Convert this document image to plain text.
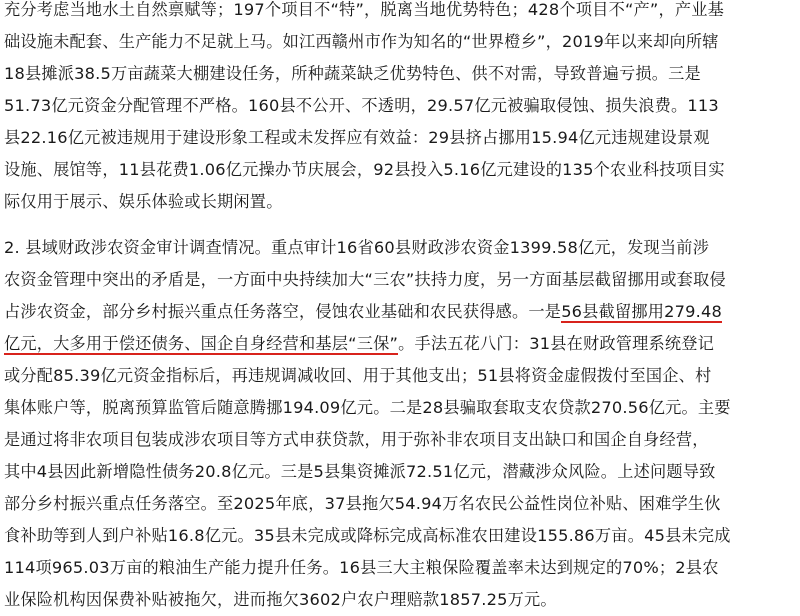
充分考虑当地水土自然禀赋等；197个项目不“特”，脱离当地优势特色；428个项目不“产”，产业基
础设施未配套、生产能力不足就上马。如江西赣州市作为知名的“世界橙乡”，2019年以来却向所辖
18县摊派38.5万亩蔬菜大棚建设任务，所种蔬菜缺乏优势特色、供不对需，导致普遍亏损。三是
51.73亿元资金分配管理不严格。160县不公开、不透明，29.57亿元被骗取侵蚀、损失浪费。113
县22.16亿元被违规用于建设形象工程或未发挥应有效益：29县挤占挪用15.94亿元违规建设景观
设施、展馆等，11县花费1.06亿元操办节庆展会，92县投入5.16亿元建设的135个农业科技项目实
际仅用于展示、娱乐体验或长期闲置。
2. 县域财政涉农资金审计调查情况。重点审计16省60县财政涉农资金1399.58亿元，发现当前涉
农资金管理中突出的矛盾是，一方面中央持续加大“三农”扶持力度，另一方面基层截留挪用或套取侵
占涉农资金，部分乡村振兴重点任务落空，侵蚀农业基础和农民获得感。一是56县截留挪用279.48
亿元，大多用于偿还债务、国企自身经营和基层“三保”。手法五花八门：31县在财政管理系统登记
或分配85.39亿元资金指标后，再违规调减收回、用于其他支出；51县将资金虚假拨付至国企、村
集体账户等，脱离预算监管后随意腾挪194.09亿元。二是28县骗取套取支农贷款270.56亿元。主要
是通过将非农项目包装成涉农项目等方式申获贷款，用于弥补非农项目支出缺口和国企自身经营，
其中4县因此新增隐性债务20.8亿元。三是5县集资摊派72.51亿元，潜藏涉众风险。上述问题导致
部分乡村振兴重点任务落空。至2025年底，37县拖欠54.94万名农民公益性岗位补贴、困难学生伙
食补助等到人到户补贴16.8亿元。35县未完成或降标完成高标准农田建设155.86万亩。45县未完成
114项965.03万亩的粮油生产能力提升任务。16县三大主粮保险覆盖率未达到规定的70%；2县农
业保险机构因保费补贴被拖欠，进而拖欠3602户农户理赔款1857.25万元。
